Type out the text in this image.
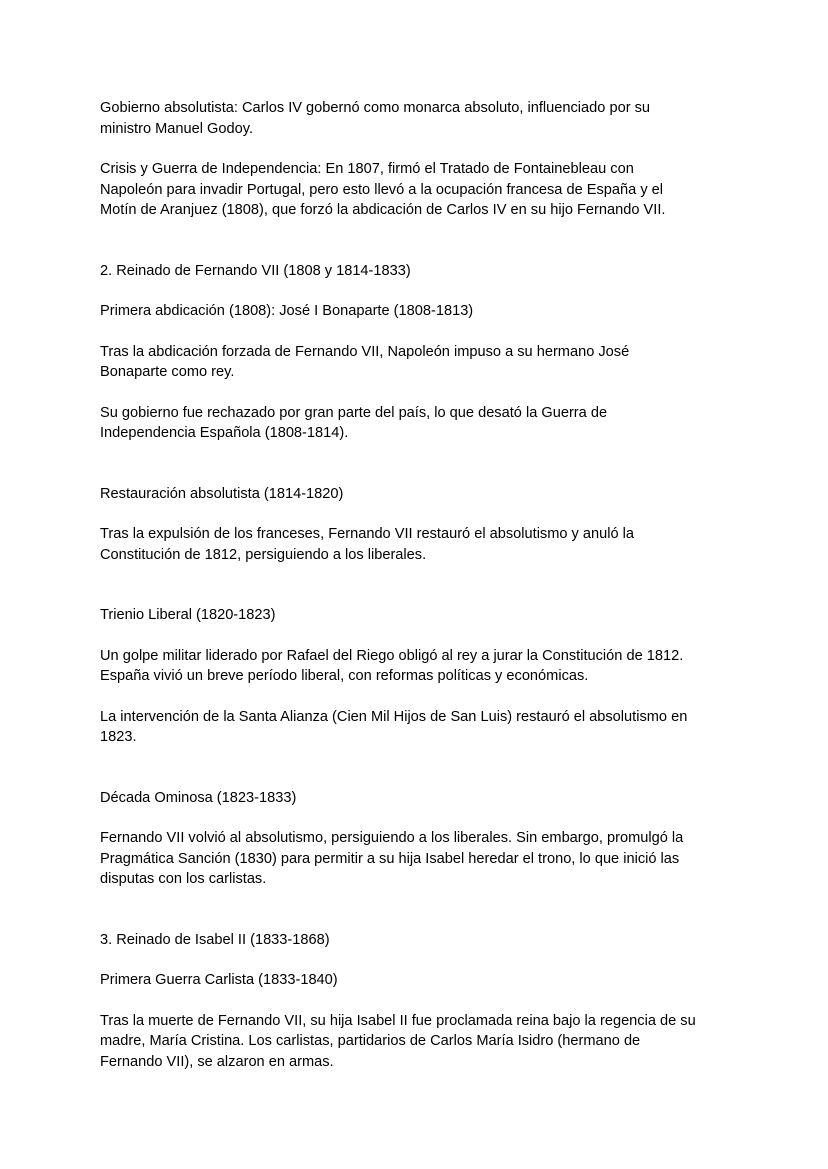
Gobierno absolutista: Carlos IV gobernó como monarca absoluto, influenciado por su
ministro Manuel Godoy.
Crisis y Guerra de Independencia: En 1807, firmó el Tratado de Fontainebleau con
Napoleón para invadir Portugal, pero esto llevó a la ocupación francesa de España y el
Motín de Aranjuez (1808), que forzó la abdicación de Carlos IV en su hijo Fernando VII.
2. Reinado de Fernando VII (1808 y 1814-1833)
Primera abdicación (1808): José I Bonaparte (1808-1813)
Tras la abdicación forzada de Fernando VII, Napoleón impuso a su hermano José
Bonaparte como rey.
Su gobierno fue rechazado por gran parte del país, lo que desató la Guerra de
Independencia Española (1808-1814).
Restauración absolutista (1814-1820)
Tras la expulsión de los franceses, Fernando VII restauró el absolutismo y anuló la
Constitución de 1812, persiguiendo a los liberales.
Trienio Liberal (1820-1823)
Un golpe militar liderado por Rafael del Riego obligó al rey a jurar la Constitución de 1812.
España vivió un breve período liberal, con reformas políticas y económicas.
La intervención de la Santa Alianza (Cien Mil Hijos de San Luis) restauró el absolutismo en
1823.
Década Ominosa (1823-1833)
Fernando VII volvió al absolutismo, persiguiendo a los liberales. Sin embargo, promulgó la
Pragmática Sanción (1830) para permitir a su hija Isabel heredar el trono, lo que inició las
disputas con los carlistas.
3. Reinado de Isabel II (1833-1868)
Primera Guerra Carlista (1833-1840)
Tras la muerte de Fernando VII, su hija Isabel II fue proclamada reina bajo la regencia de su
madre, María Cristina. Los carlistas, partidarios de Carlos María Isidro (hermano de
Fernando VII), se alzaron en armas.
